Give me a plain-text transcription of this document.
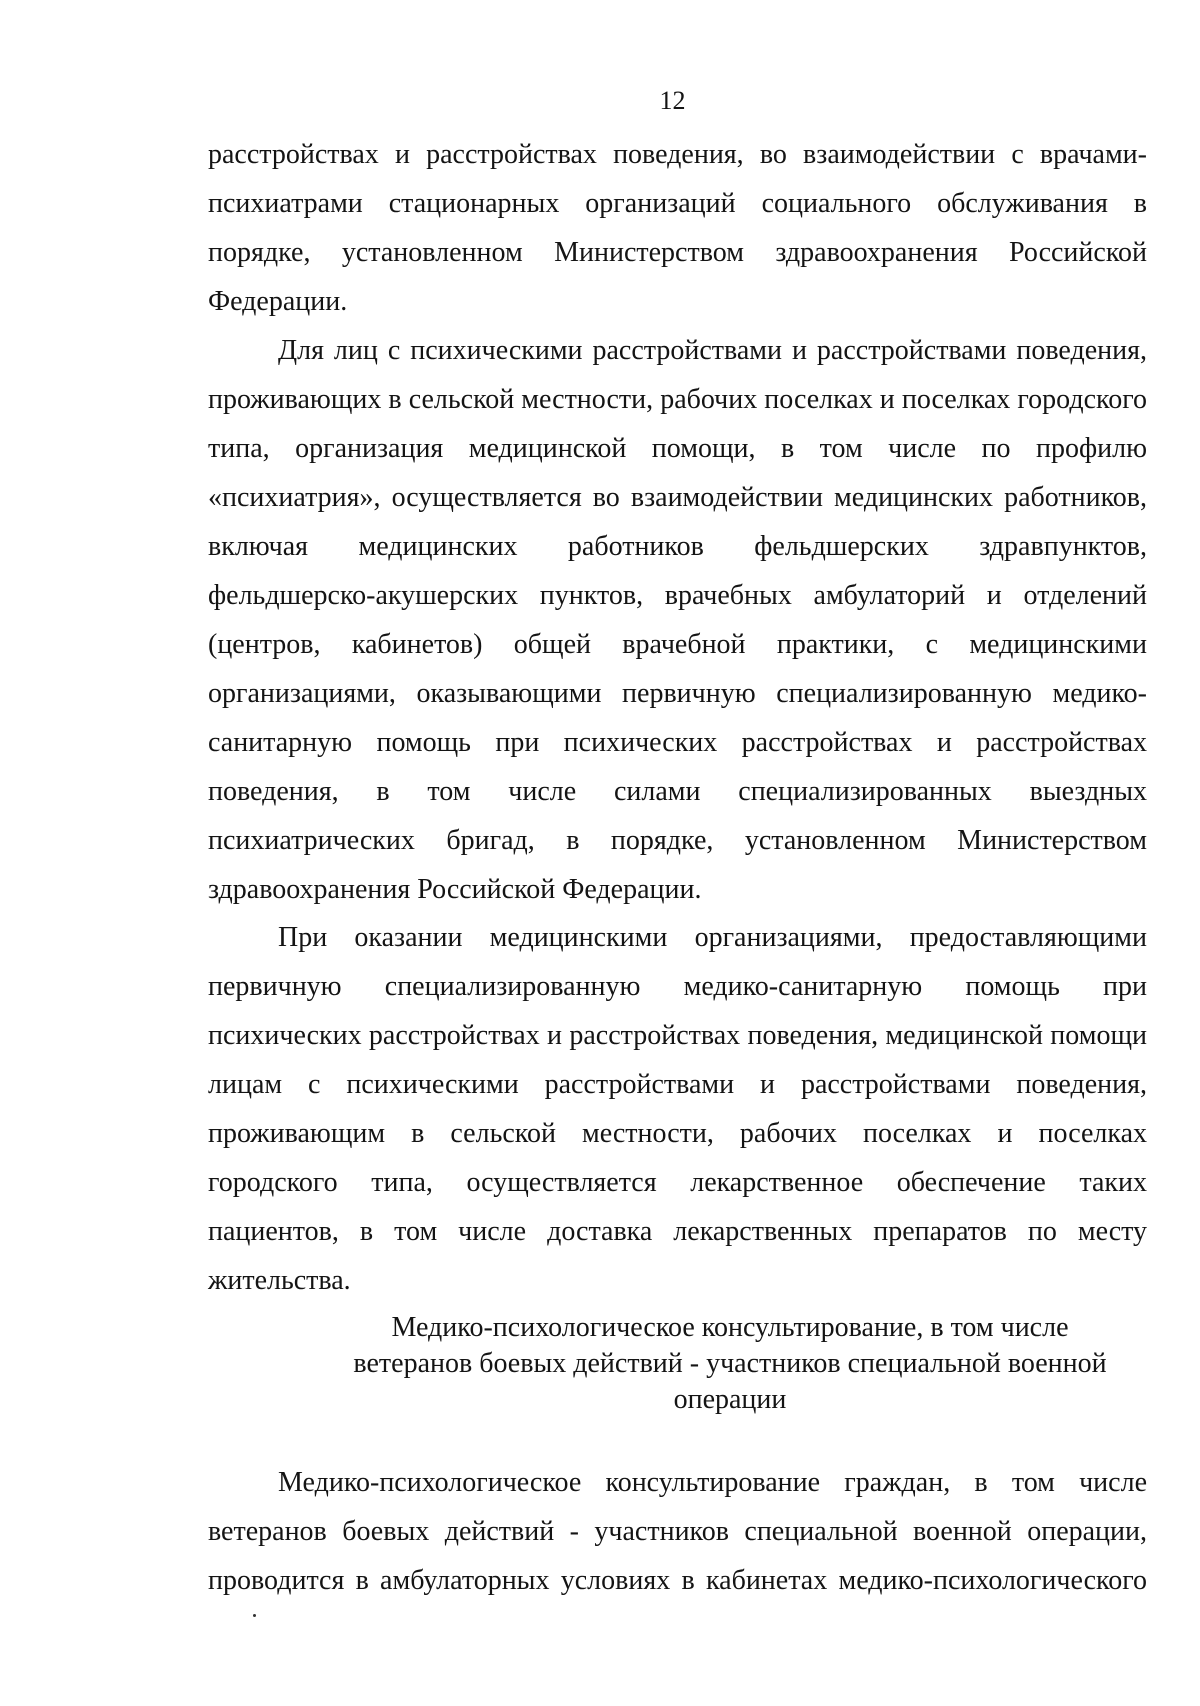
12
расстройствах и расстройствах поведения, во взаимодействии с врачами-психиатрами стационарных организаций социального обслуживания в порядке, установленном Министерством здравоохранения Российской Федерации.
Для лиц с психическими расстройствами и расстройствами поведения, проживающих в сельской местности, рабочих поселках и поселках городского типа, организация медицинской помощи, в том числе по профилю «психиатрия», осуществляется во взаимодействии медицинских работников, включая медицинских работников фельдшерских здравпунктов, фельдшерско-акушерских пунктов, врачебных амбулаторий и отделений (центров, кабинетов) общей врачебной практики, с медицинскими организациями, оказывающими первичную специализированную медико-санитарную помощь при психических расстройствах и расстройствах поведения, в том числе силами специализированных выездных психиатрических бригад, в порядке, установленном Министерством здравоохранения Российской Федерации.
При оказании медицинскими организациями, предоставляющими первичную специализированную медико-санитарную помощь при психических расстройствах и расстройствах поведения, медицинской помощи лицам с психическими расстройствами и расстройствами поведения, проживающим в сельской местности, рабочих поселках и поселках городского типа, осуществляется лекарственное обеспечение таких пациентов, в том числе доставка лекарственных препаратов по месту жительства.
Медико-психологическое консультирование, в том числе
ветеранов боевых действий - участников специальной военной
операции
Медико-психологическое консультирование граждан, в том числе ветеранов боевых действий - участников специальной военной операции, проводится в амбулаторных условиях в кабинетах медико-психологического
